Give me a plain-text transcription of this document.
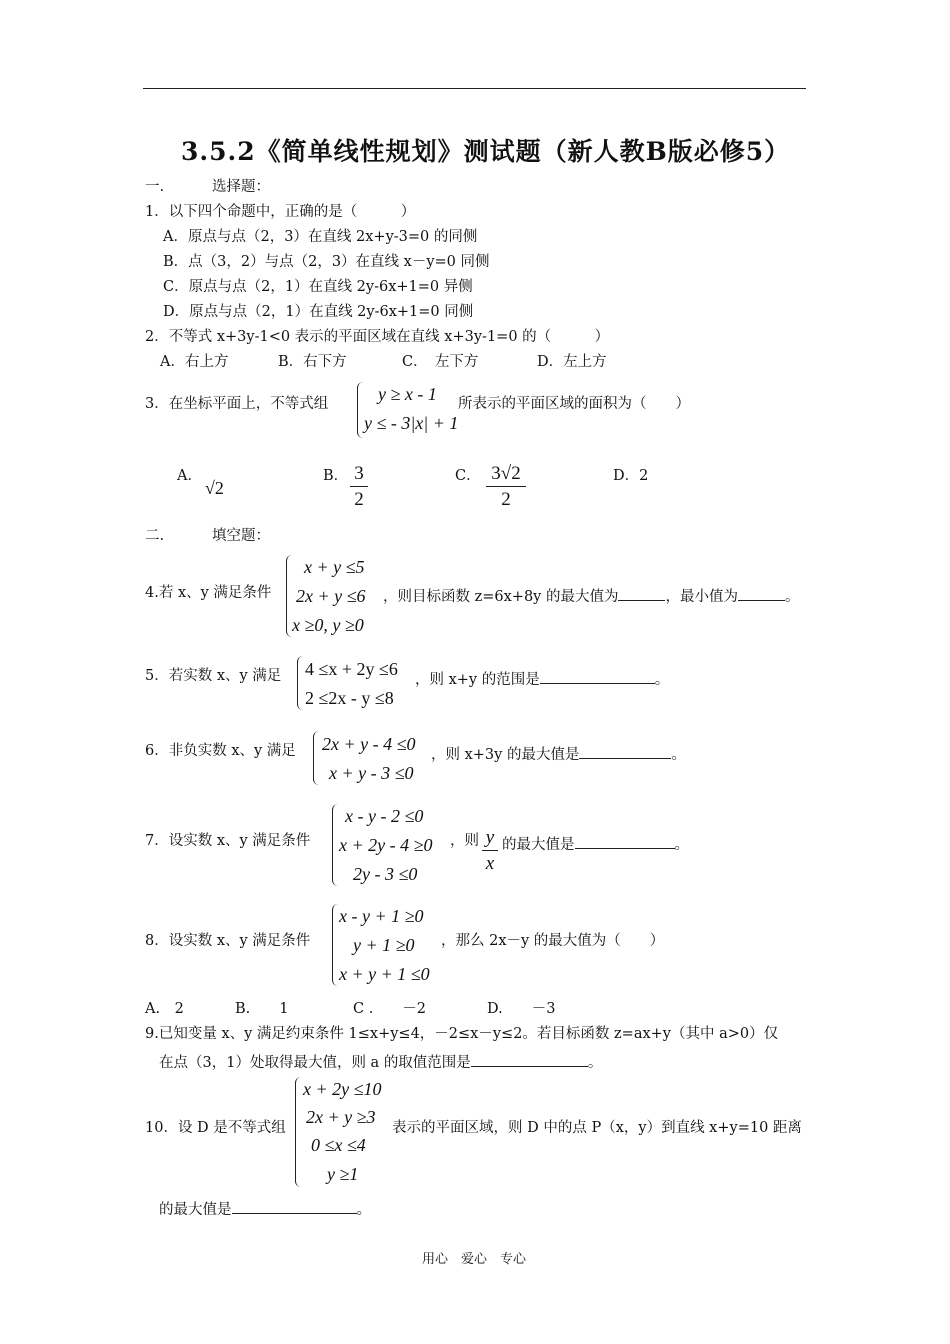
3.5.2《简单线性规划》测试题（新人教B版必修5）
一.	选择题：
1．以下四个命题中，正确的是（　　　）
A．原点与点（2，3）在直线 2x+y-3=0 的同侧
B．点（3，2）与点（2，3）在直线 x－y=0 同侧
C．原点与点（2，1）在直线 2y-6x+1=0 异侧
D．原点与点（2，1）在直线 2y-6x+1=0 同侧
2．不等式 x+3y-1<0 表示的平面区域在直线 x+3y-1=0 的（　　　）
A．右上方	B．右下方	C．　左下方	D．左上方
3．在坐标平面上，不等式组	y ≥ x - 1
y ≤ - 3|x| + 1
所表示的平面区域的面积为（　　）
A．
√2
B． 3
2
C． 3√2
2
D．2
二.	填空题：
4.若 x、y 满足条件
x + y ≤5
2x + y ≤6
x ≥0, y ≥0
，则目标函数 z=6x+8y 的最大值为	，最小值为	。
5．若实数 x、y 满足 4 ≤x + 2y ≤6
2 ≤2x - y ≤8
，则 x+y 的范围是	。
6．非负实数 x、y 满足 2x + y - 4 ≤0
x + y - 3 ≤0
，则 x+3y 的最大值是	。
7．设实数 x、y 满足条件
x - y - 2 ≤0
x + 2y - 4 ≥0
2y - 3 ≤0
，则 y
x
的最大值是	。
8．设实数 x、y 满足条件
x - y + 1 ≥0
y + 1 ≥0
x + y + 1 ≤0
，那么 2x－y 的最大值为（　　）
A.　2	B.　　1	C .　　－2	D.　　－3
9.已知变量 x、y 满足约束条件 1≤x+y≤4，－2≤x－y≤2。若目标函数 z=ax+y（其中 a>0）仅
在点（3，1）处取得最大值，则 a 的取值范围是	。
10．设 D 是不等式组
x + 2y ≤10
2x + y ≥3
0 ≤x ≤4
y ≥1
表示的平面区域，则 D 中的点 P（x，y）到直线 x+y=10 距离
的最大值是	。
用心　爱心　专心
